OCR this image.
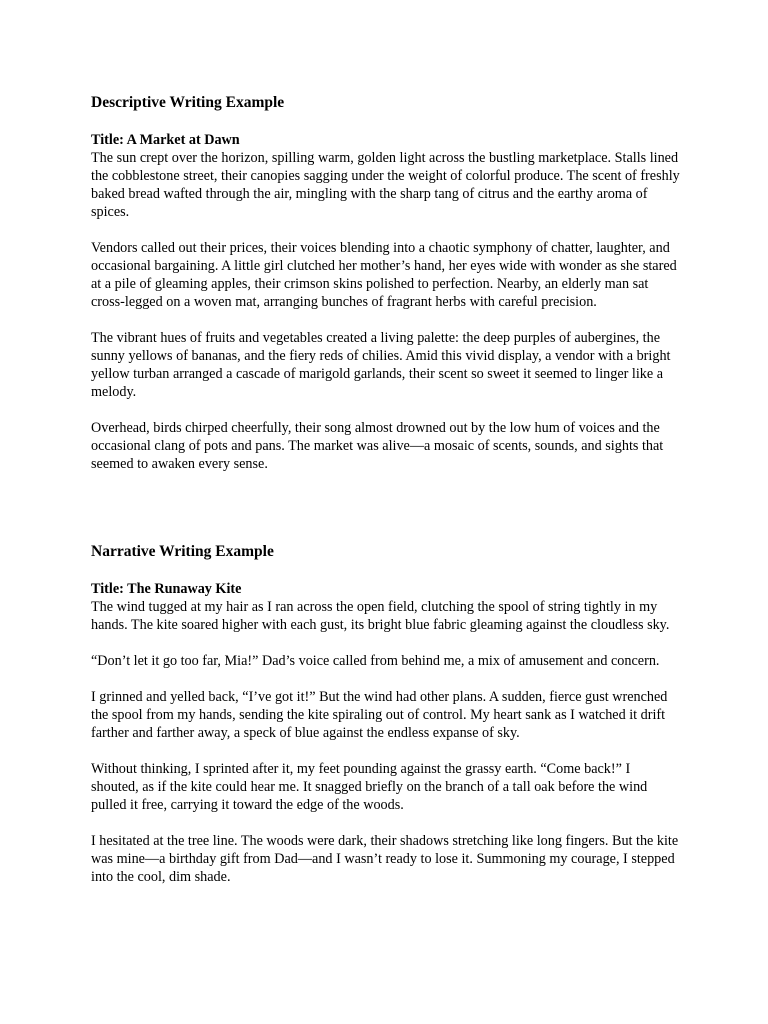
Descriptive Writing Example
Title: A Market at Dawn

The sun crept over the horizon, spilling warm, golden light across the bustling marketplace. Stalls lined the cobblestone street, their canopies sagging under the weight of colorful produce. The scent of freshly baked bread wafted through the air, mingling with the sharp tang of citrus and the earthy aroma of spices.

Vendors called out their prices, their voices blending into a chaotic symphony of chatter, laughter, and occasional bargaining. A little girl clutched her mother’s hand, her eyes wide with wonder as she stared at a pile of gleaming apples, their crimson skins polished to perfection. Nearby, an elderly man sat cross-legged on a woven mat, arranging bunches of fragrant herbs with careful precision.

The vibrant hues of fruits and vegetables created a living palette: the deep purples of aubergines, the sunny yellows of bananas, and the fiery reds of chilies. Amid this vivid display, a vendor with a bright yellow turban arranged a cascade of marigold garlands, their scent so sweet it seemed to linger like a melody.

Overhead, birds chirped cheerfully, their song almost drowned out by the low hum of voices and the occasional clang of pots and pans. The market was alive—a mosaic of scents, sounds, and sights that seemed to awaken every sense.

Narrative Writing Example
Title: The Runaway Kite

The wind tugged at my hair as I ran across the open field, clutching the spool of string tightly in my hands. The kite soared higher with each gust, its bright blue fabric gleaming against the cloudless sky.

“Don’t let it go too far, Mia!” Dad’s voice called from behind me, a mix of amusement and concern.

I grinned and yelled back, “I’ve got it!” But the wind had other plans. A sudden, fierce gust wrenched the spool from my hands, sending the kite spiraling out of control. My heart sank as I watched it drift farther and farther away, a speck of blue against the endless expanse of sky.

Without thinking, I sprinted after it, my feet pounding against the grassy earth. “Come back!” I shouted, as if the kite could hear me. It snagged briefly on the branch of a tall oak before the wind pulled it free, carrying it toward the edge of the woods.

I hesitated at the tree line. The woods were dark, their shadows stretching like long fingers. But the kite was mine—a birthday gift from Dad—and I wasn’t ready to lose it. Summoning my courage, I stepped into the cool, dim shade.
